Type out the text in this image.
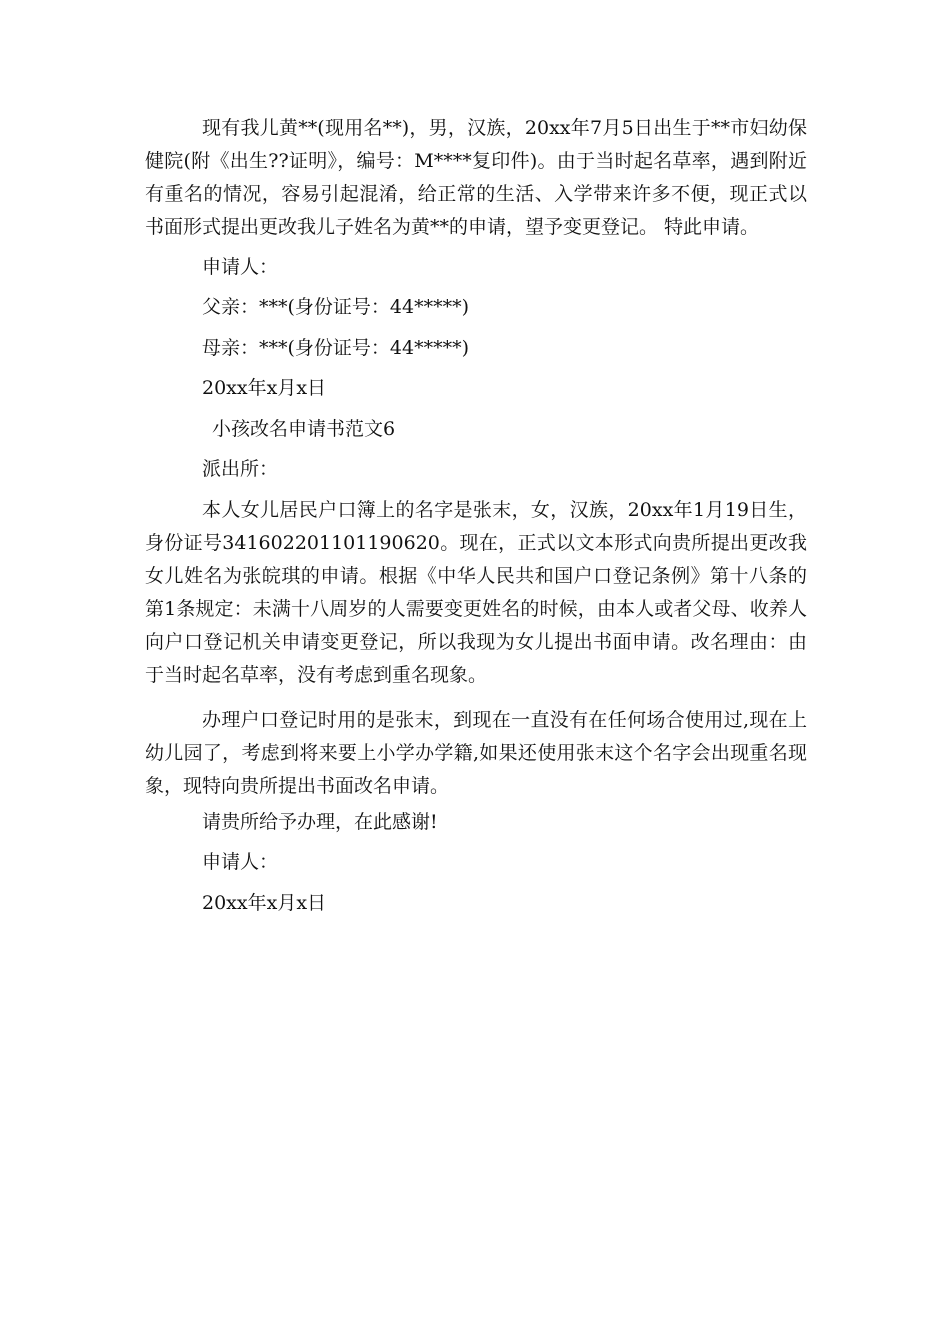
现有我儿黄**(现用名**)，男，汉族，20xx年7月5日出生于**市妇幼保健院(附《出生??证明》，编号：M****复印件)。由于当时起名草率，遇到附近有重名的情况，容易引起混淆，给正常的生活、入学带来许多不便，现正式以书面形式提出更改我儿子姓名为黄**的申请，望予变更登记。 特此申请。
申请人：
父亲：***(身份证号：44*****)
母亲：***(身份证号：44*****)
20xx年x月x日
小孩改名申请书范文6
派出所：
本人女儿居民户口簿上的名字是张末，女，汉族，20xx年1月19日生，身份证号341602201101190620。现在，正式以文本形式向贵所提出更改我女儿姓名为张皖琪的申请。根据《中华人民共和国户口登记条例》第十八条的第1条规定：未满十八周岁的人需要变更姓名的时候，由本人或者父母、收养人向户口登记机关申请变更登记，所以我现为女儿提出书面申请。改名理由：由于当时起名草率，没有考虑到重名现象。
办理户口登记时用的是张末，到现在一直没有在任何场合使用过,现在上幼儿园了，考虑到将来要上小学办学籍,如果还使用张末这个名字会出现重名现象，现特向贵所提出书面改名申请。
请贵所给予办理，在此感谢!
申请人：
20xx年x月x日
